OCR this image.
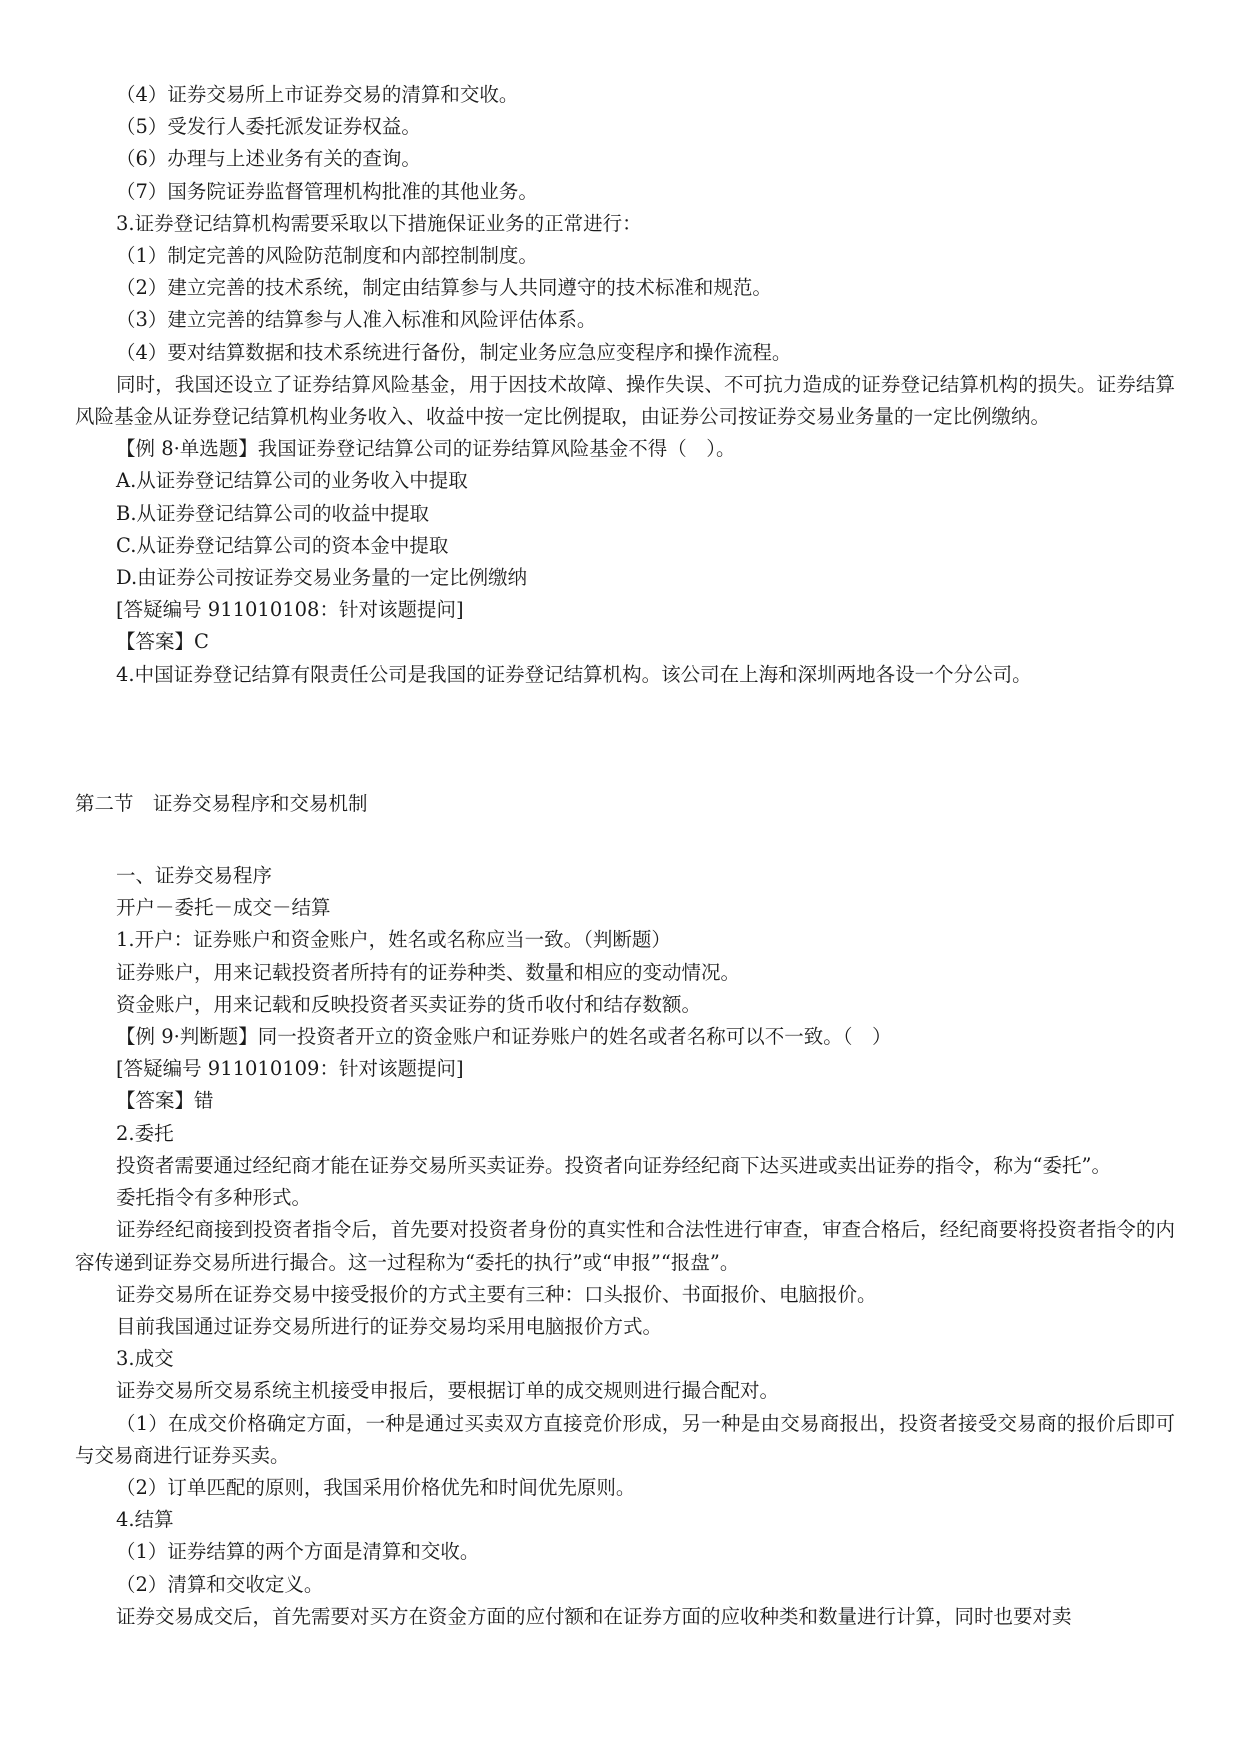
（4）证券交易所上市证券交易的清算和交收。
（5）受发行人委托派发证券权益。
（6）办理与上述业务有关的查询。
（7）国务院证券监督管理机构批准的其他业务。
3.证券登记结算机构需要采取以下措施保证业务的正常进行：
（1）制定完善的风险防范制度和内部控制制度。
（2）建立完善的技术系统，制定由结算参与人共同遵守的技术标准和规范。
（3）建立完善的结算参与人准入标准和风险评估体系。
（4）要对结算数据和技术系统进行备份，制定业务应急应变程序和操作流程。
同时，我国还设立了证券结算风险基金，用于因技术故障、操作失误、不可抗力造成的证券登记结算机构的损失。证券结算风险基金从证券登记结算机构业务收入、收益中按一定比例提取，由证券公司按证券交易业务量的一定比例缴纳。
【例 8·单选题】我国证券登记结算公司的证券结算风险基金不得（　）。
A.从证券登记结算公司的业务收入中提取
B.从证券登记结算公司的收益中提取
C.从证券登记结算公司的资本金中提取
D.由证券公司按证券交易业务量的一定比例缴纳
[答疑编号 911010108：针对该题提问]
【答案】C
4.中国证券登记结算有限责任公司是我国的证券登记结算机构。该公司在上海和深圳两地各设一个分公司。
第二节　证券交易程序和交易机制
一、证券交易程序
开户－委托－成交－结算
1.开户：证券账户和资金账户，姓名或名称应当一致。（判断题）
证券账户，用来记载投资者所持有的证券种类、数量和相应的变动情况。
资金账户，用来记载和反映投资者买卖证券的货币收付和结存数额。
【例 9·判断题】同一投资者开立的资金账户和证券账户的姓名或者名称可以不一致。（　）
[答疑编号 911010109：针对该题提问]
【答案】错
2.委托
投资者需要通过经纪商才能在证券交易所买卖证券。投资者向证券经纪商下达买进或卖出证券的指令，称为“委托”。
委托指令有多种形式。
证券经纪商接到投资者指令后，首先要对投资者身份的真实性和合法性进行审查，审查合格后，经纪商要将投资者指令的内容传递到证券交易所进行撮合。这一过程称为“委托的执行”或“申报”“报盘”。
证券交易所在证券交易中接受报价的方式主要有三种：口头报价、书面报价、电脑报价。
目前我国通过证券交易所进行的证券交易均采用电脑报价方式。
3.成交
证券交易所交易系统主机接受申报后，要根据订单的成交规则进行撮合配对。
（1）在成交价格确定方面，一种是通过买卖双方直接竞价形成，另一种是由交易商报出，投资者接受交易商的报价后即可与交易商进行证券买卖。
（2）订单匹配的原则，我国采用价格优先和时间优先原则。
4.结算
（1）证券结算的两个方面是清算和交收。
（2）清算和交收定义。
证券交易成交后，首先需要对买方在资金方面的应付额和在证券方面的应收种类和数量进行计算，同时也要对卖
